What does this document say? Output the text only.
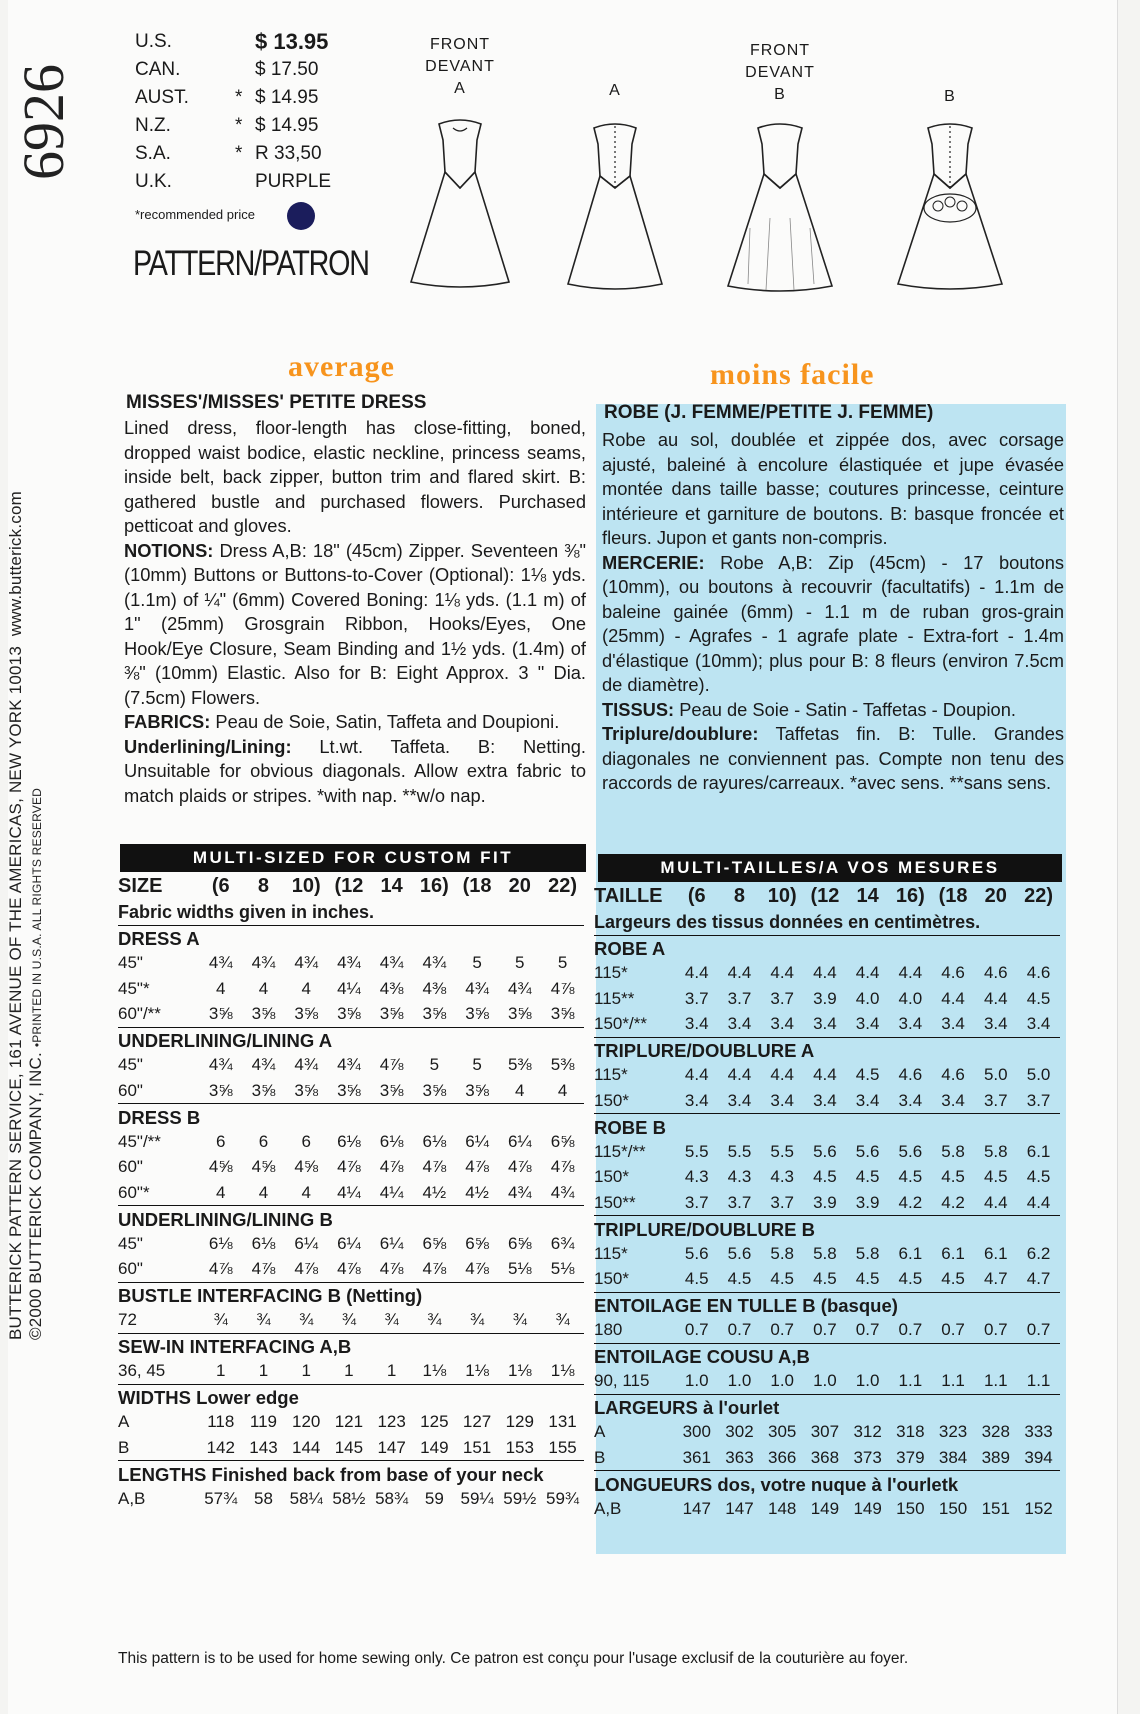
6926
BUTTERICK PATTERN SERVICE, 161 AVENUE OF THE AMERICAS, NEW YORK 10013  www.butterick.com
©2000 BUTTERICK COMPANY, INC. •PRINTED IN U.S.A. ALL RIGHTS RESERVED
U.S.	$ 13.95
CAN.	$ 17.50
AUST.	* $ 14.95
N.Z.	* $ 14.95
S.A.	* R 33,50
U.K.	PURPLE
*recommended price
PATTERN/PATRON
FRONT
DEVANT
A	A
FRONT
DEVANT
B	B
average
MISSES'/MISSES' PETITE DRESS
Lined dress, floor-length has close-fitting, boned, dropped waist bodice, elastic neckline, princess seams, inside belt, back zipper, button trim and flared skirt. B: gathered bustle and purchased flowers. Purchased petticoat and gloves.
NOTIONS: Dress A,B: 18" (45cm) Zipper. Seventeen ⅜" (10mm) Buttons or Buttons-to-Cover (Optional): 1⅛ yds. (1.1m) of ¼" (6mm) Covered Boning: 1⅛ yds. (1.1 m) of 1" (25mm) Grosgrain Ribbon, Hooks/Eyes, One Hook/Eye Closure, Seam Binding and 1½ yds. (1.4m) of ⅜" (10mm) Elastic. Also for B: Eight Approx. 3 " Dia. (7.5cm) Flowers.
FABRICS: Peau de Soie, Satin, Taffeta and Doupioni.
Underlining/Lining: Lt.wt. Taffeta. B: Netting. Unsuitable for obvious diagonals. Allow extra fabric to match plaids or stripes. *with nap. **w/o nap.
MULTI-SIZED FOR CUSTOM FIT
SIZE	(6	8	10)	(12	14	16)	(18	20	22)
Fabric widths given in inches.									
DRESS A									
45"	4¾	4¾	4¾	4¾	4¾	4¾	5	5	5
45"*	4	4	4	4¼	4⅜	4⅜	4¾	4¾	4⅞
60"/**	3⅝	3⅝	3⅝	3⅝	3⅝	3⅝	3⅝	3⅝	3⅝
UNDERLINING/LINING A									
45"	4¾	4¾	4¾	4¾	4⅞	5	5	5⅜	5⅜
60"	3⅝	3⅝	3⅝	3⅝	3⅝	3⅝	3⅝	4	4
DRESS B									
45"/**	6	6	6	6⅛	6⅛	6⅛	6¼	6¼	6⅝
60"	4⅝	4⅝	4⅝	4⅞	4⅞	4⅞	4⅞	4⅞	4⅞
60"*	4	4	4	4¼	4¼	4½	4½	4¾	4¾
UNDERLINING/LINING B									
45"	6⅛	6⅛	6¼	6¼	6¼	6⅝	6⅝	6⅝	6¾
60"	4⅞	4⅞	4⅞	4⅞	4⅞	4⅞	4⅞	5⅛	5⅛
BUSTLE INTERFACING B (Netting)									
72	¾	¾	¾	¾	¾	¾	¾	¾	¾
SEW-IN INTERFACING A,B									
36, 45	1	1	1	1	1	1⅛	1⅛	1⅛	1⅛
WIDTHS Lower edge									
A	118	119	120	121	123	125	127	129	131
B	142	143	144	145	147	149	151	153	155
LENGTHS Finished back from base of your neck									
A,B	57¾	58	58¼	58½	58¾	59	59¼	59½	59¾
moins facile
ROBE (J. FEMME/PETITE J. FEMME)
Robe au sol, doublée et zippée dos, avec corsage ajusté, baleiné à encolure élastiquée et jupe évasée montée dans taille basse; coutures princesse, ceinture intérieure et garniture de boutons. B: basque froncée et fleurs. Jupon et gants non-compris.
MERCERIE: Robe A,B: Zip (45cm) - 17 boutons (10mm), ou boutons à recouvrir (facultatifs) - 1.1m de baleine gainée (6mm) - 1.1 m de ruban gros-grain (25mm) - Agrafes - 1 agrafe plate - Extra-fort - 1.4m d'élastique (10mm); plus pour B: 8 fleurs (environ 7.5cm de diamètre).
TISSUS: Peau de Soie - Satin - Taffetas - Doupion.
Triplure/doublure: Taffetas fin. B: Tulle. Grandes diagonales ne conviennent pas. Compte non tenu des raccords de rayures/carreaux. *avec sens. **sans sens.
MULTI-TAILLES/A VOS MESURES
TAILLE	(6	8	10)	(12	14	16)	(18	20	22)
Largeurs des tissus données en centimètres.									
ROBE A									
115*	4.4	4.4	4.4	4.4	4.4	4.4	4.6	4.6	4.6
115**	3.7	3.7	3.7	3.9	4.0	4.0	4.4	4.4	4.5
150*/**	3.4	3.4	3.4	3.4	3.4	3.4	3.4	3.4	3.4
TRIPLURE/DOUBLURE A									
115*	4.4	4.4	4.4	4.4	4.5	4.6	4.6	5.0	5.0
150*	3.4	3.4	3.4	3.4	3.4	3.4	3.4	3.7	3.7
ROBE B									
115*/**	5.5	5.5	5.5	5.6	5.6	5.6	5.8	5.8	6.1
150*	4.3	4.3	4.3	4.5	4.5	4.5	4.5	4.5	4.5
150**	3.7	3.7	3.7	3.9	3.9	4.2	4.2	4.4	4.4
TRIPLURE/DOUBLURE B									
115*	5.6	5.6	5.8	5.8	5.8	6.1	6.1	6.1	6.2
150*	4.5	4.5	4.5	4.5	4.5	4.5	4.5	4.7	4.7
ENTOILAGE EN TULLE B (basque)									
180	0.7	0.7	0.7	0.7	0.7	0.7	0.7	0.7	0.7
ENTOILAGE COUSU A,B									
90, 115	1.0	1.0	1.0	1.0	1.0	1.1	1.1	1.1	1.1
LARGEURS à l'ourlet									
A	300	302	305	307	312	318	323	328	333
B	361	363	366	368	373	379	384	389	394
LONGUEURS dos, votre nuque à l'ourletk									
A,B	147	147	148	149	149	150	150	151	152
This pattern is to be used for home sewing only. Ce patron est conçu pour l'usage exclusif de la couturière au foyer.
